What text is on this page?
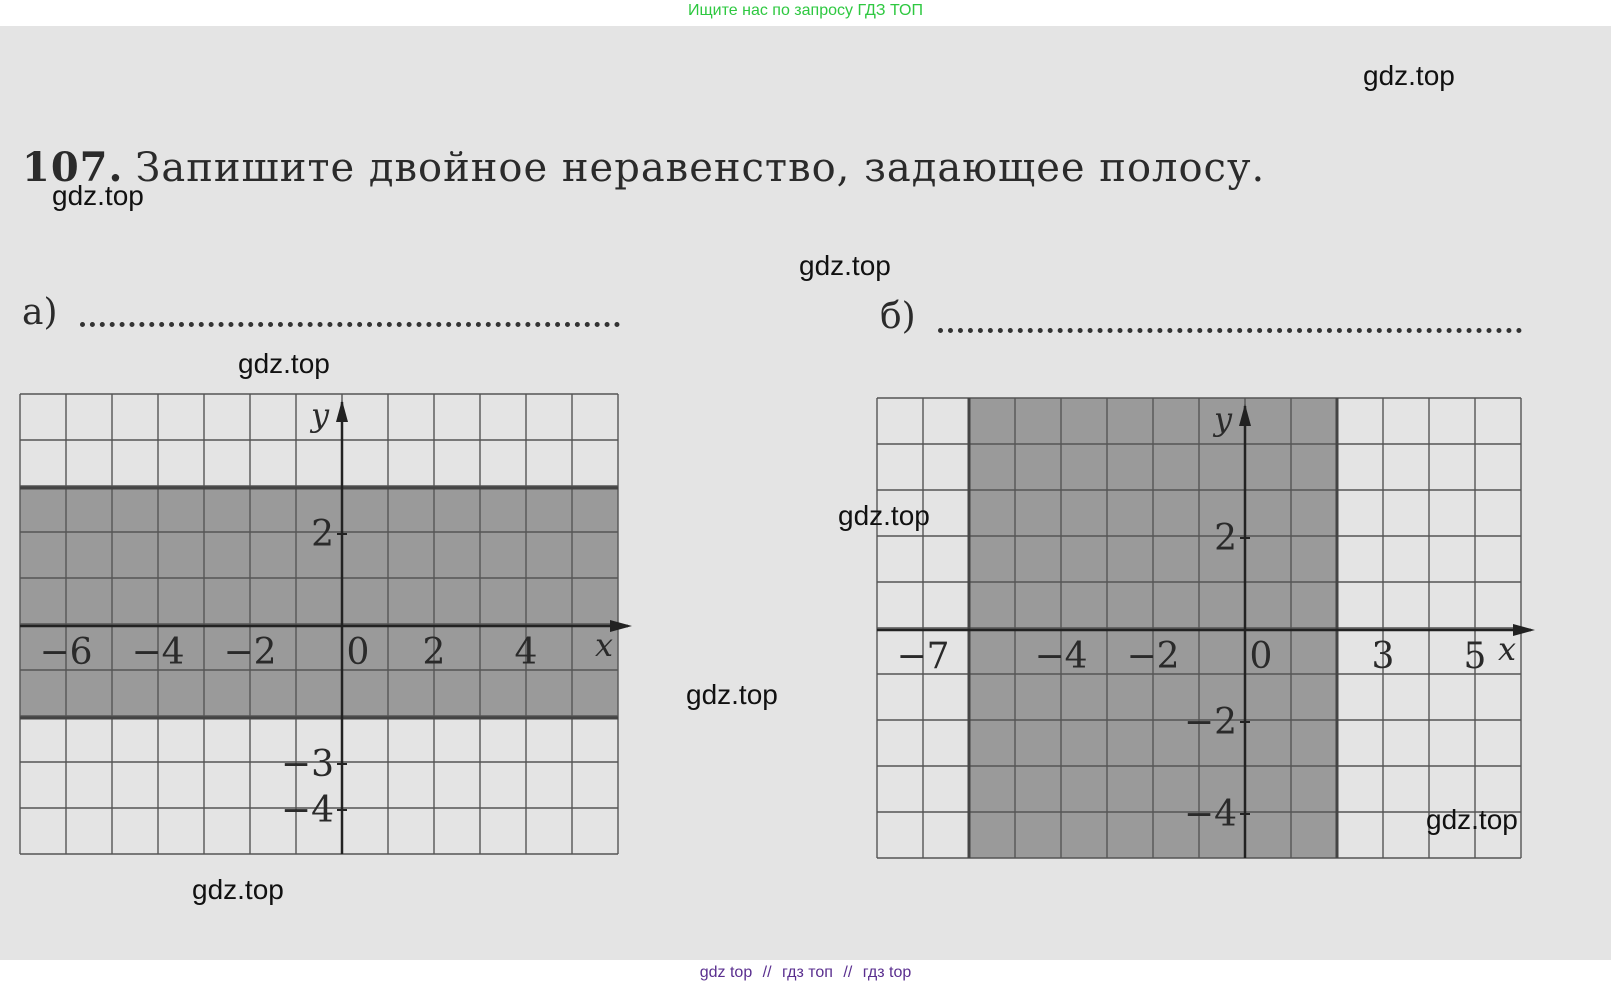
Ищите нас по запросу ГДЗ ТОП
107. Запишите двойное неравенство, задающее полосу.
а)	б)
x
y
−6 −4 −2 0 2 4
2
−3
−4
x
y
−7 −4 −2 0	3 5
2
−2
−4
gdz.top
gdz.top
gdz.top
gdz.top
gdz.top
gdz.top
gdz.top
gdz.top
gdz top // гдз топ // гдз top
